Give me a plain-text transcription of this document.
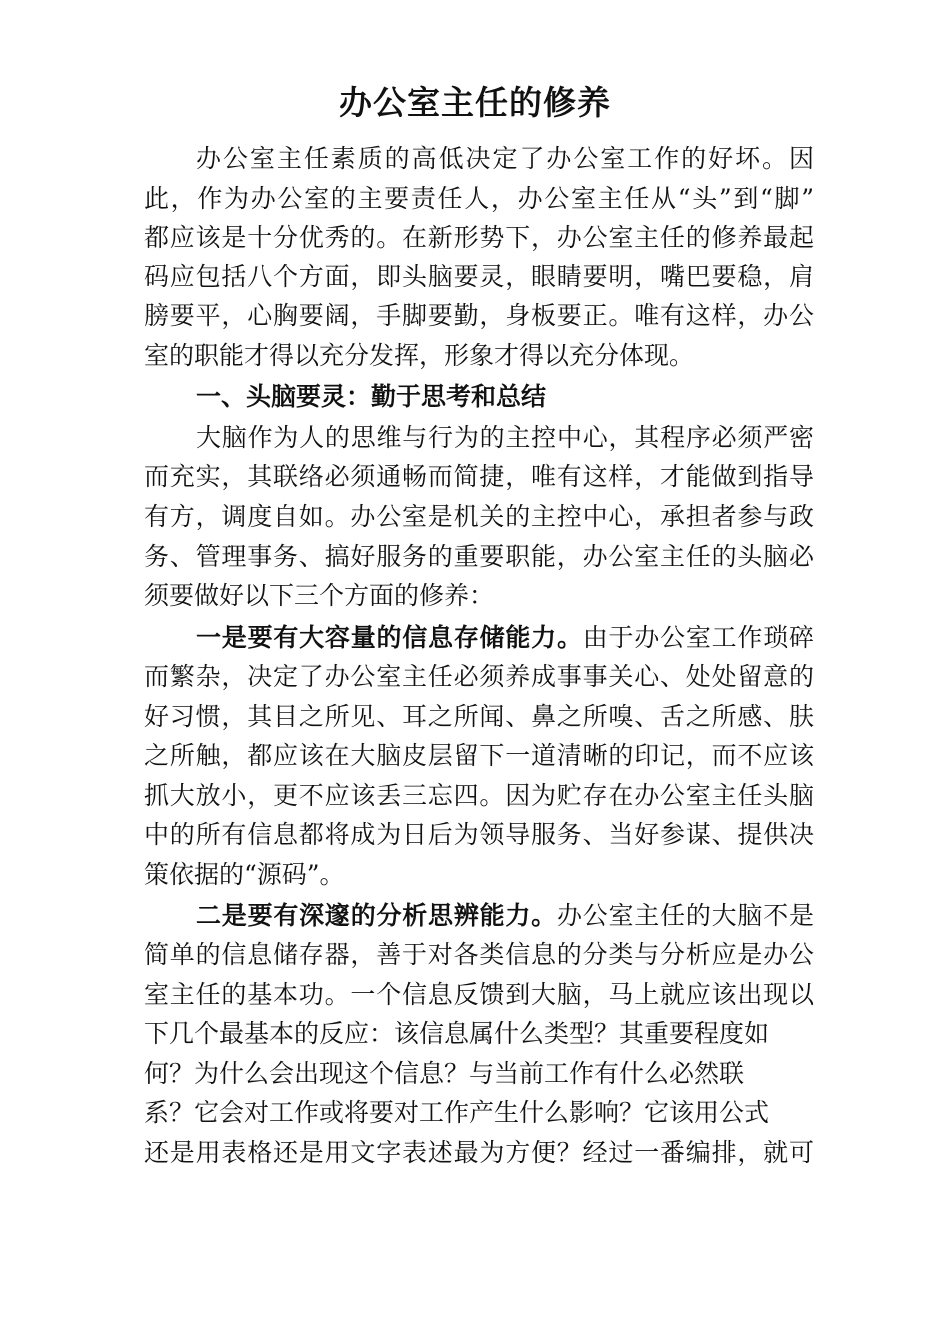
办公室主任的修养
办公室主任素质的高低决定了办公室工作的好坏。因
此，作为办公室的主要责任人，办公室主任从“头”到“脚”
都应该是十分优秀的。在新形势下，办公室主任的修养最起
码应包括八个方面，即头脑要灵，眼睛要明，嘴巴要稳，肩
膀要平，心胸要阔，手脚要勤，身板要正。唯有这样，办公
室的职能才得以充分发挥，形象才得以充分体现。
一、头脑要灵：勤于思考和总结
大脑作为人的思维与行为的主控中心，其程序必须严密
而充实，其联络必须通畅而简捷，唯有这样，才能做到指导
有方，调度自如。办公室是机关的主控中心，承担者参与政
务、管理事务、搞好服务的重要职能，办公室主任的头脑必
须要做好以下三个方面的修养：
一是要有大容量的信息存储能力。由于办公室工作琐碎
而繁杂，决定了办公室主任必须养成事事关心、处处留意的
好习惯，其目之所见、耳之所闻、鼻之所嗅、舌之所感、肤
之所触，都应该在大脑皮层留下一道清晰的印记，而不应该
抓大放小，更不应该丢三忘四。因为贮存在办公室主任头脑
中的所有信息都将成为日后为领导服务、当好参谋、提供决
策依据的“源码”。
二是要有深邃的分析思辨能力。办公室主任的大脑不是
简单的信息储存器，善于对各类信息的分类与分析应是办公
室主任的基本功。一个信息反馈到大脑，马上就应该出现以
下几个最基本的反应：该信息属什么类型？其重要程度如
何？为什么会出现这个信息？与当前工作有什么必然联
系？它会对工作或将要对工作产生什么影响？它该用公式
还是用表格还是用文字表述最为方便？经过一番编排，就可
